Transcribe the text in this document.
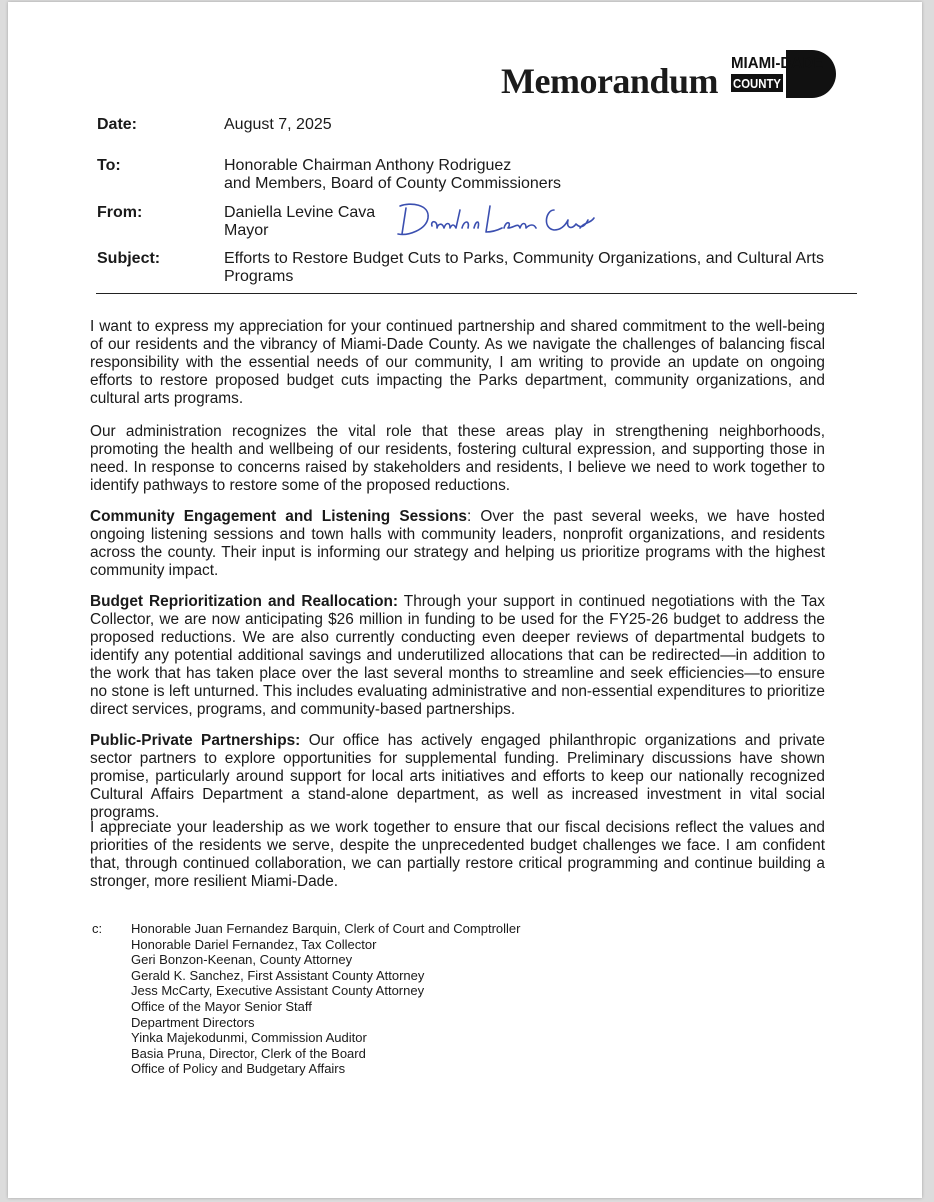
Memorandum MIAMI-DADE
COUNTY
Date:	August 7, 2025
To:	Honorable Chairman Anthony Rodriguez
and Members, Board of County Commissioners
From:	Daniella Levine Cava
Mayor
Subject:	Efforts to Restore Budget Cuts to Parks, Community Organizations, and Cultural Arts Programs

I want to express my appreciation for your continued partnership and shared commitment to the well-being of our residents and the vibrancy of Miami-Dade County. As we navigate the challenges of balancing fiscal responsibility with the essential needs of our community, I am writing to provide an update on ongoing efforts to restore proposed budget cuts impacting the Parks department, community organizations, and cultural arts programs.

Our administration recognizes the vital role that these areas play in strengthening neighborhoods, promoting the health and wellbeing of our residents, fostering cultural expression, and supporting those in need. In response to concerns raised by stakeholders and residents, I believe we need to work together to identify pathways to restore some of the proposed reductions.

Community Engagement and Listening Sessions: Over the past several weeks, we have hosted ongoing listening sessions and town halls with community leaders, nonprofit organizations, and residents across the county. Their input is informing our strategy and helping us prioritize programs with the highest community impact.

Budget Reprioritization and Reallocation: Through your support in continued negotiations with the Tax Collector, we are now anticipating $26 million in funding to be used for the FY25-26 budget to address the proposed reductions. We are also currently conducting even deeper reviews of departmental budgets to identify any potential additional savings and underutilized allocations that can be redirected—in addition to the work that has taken place over the last several months to streamline and seek efficiencies—to ensure no stone is left unturned. This includes evaluating administrative and non-essential expenditures to prioritize direct services, programs, and community-based partnerships.

Public-Private Partnerships: Our office has actively engaged philanthropic organizations and private sector partners to explore opportunities for supplemental funding. Preliminary discussions have shown promise, particularly around support for local arts initiatives and efforts to keep our nationally recognized Cultural Affairs Department a stand-alone department, as well as increased investment in vital social programs.

I appreciate your leadership as we work together to ensure that our fiscal decisions reflect the values and priorities of the residents we serve, despite the unprecedented budget challenges we face. I am confident that, through continued collaboration, we can partially restore critical programming and continue building a stronger, more resilient Miami-Dade.

c: Honorable Juan Fernandez Barquin, Clerk of Court and Comptroller
Honorable Dariel Fernandez, Tax Collector
Geri Bonzon-Keenan, County Attorney
Gerald K. Sanchez, First Assistant County Attorney
Jess McCarty, Executive Assistant County Attorney
Office of the Mayor Senior Staff
Department Directors
Yinka Majekodunmi, Commission Auditor
Basia Pruna, Director, Clerk of the Board
Office of Policy and Budgetary Affairs
